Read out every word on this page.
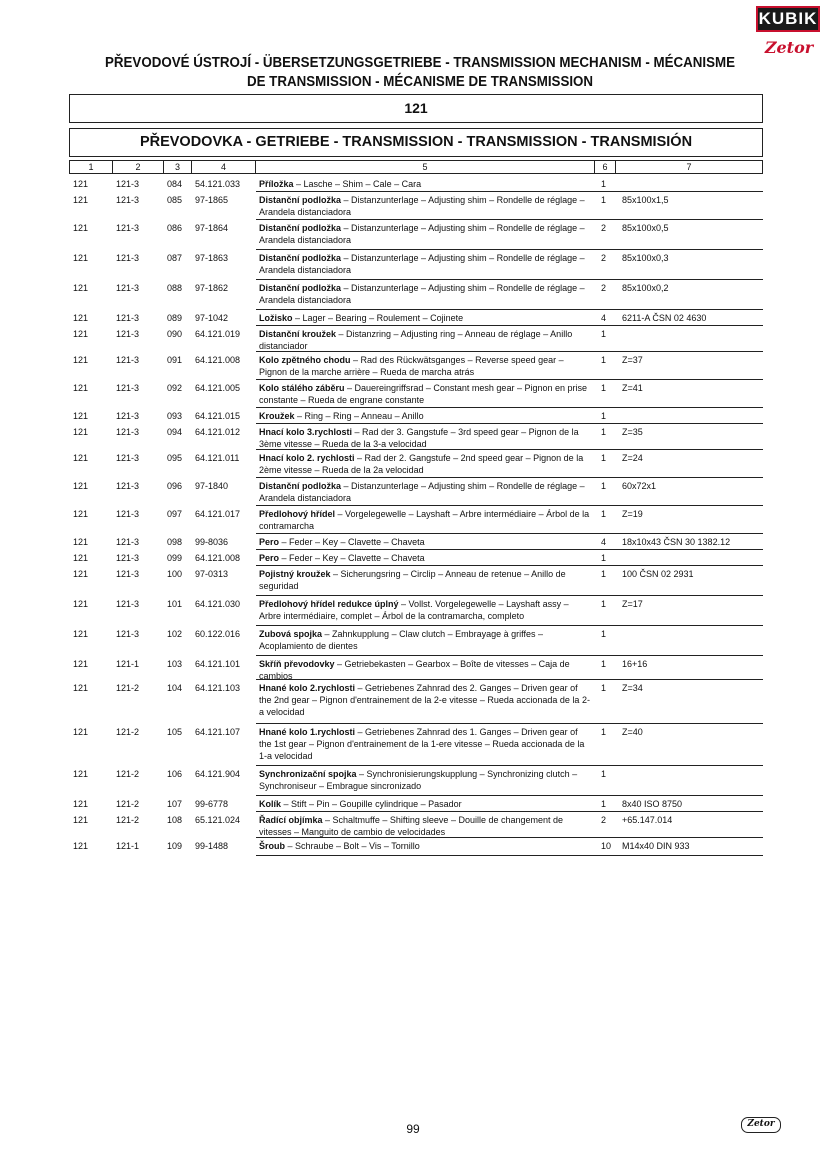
KUBIK
Zetor
PŘEVODOVÉ ÚSTROJÍ - ÜBERSETZUNGSGETRIEBE - TRANSMISSION MECHANISM - MÉCANISME DE TRANSMISSION - MÉCANISME DE TRANSMISSION
121
PŘEVODOVKA - GETRIEBE - TRANSMISSION - TRANSMISSION - TRANSMISIÓN
1	2	3	4	5	6	7
121	121-3	084 54.121.033	1
Příložka – Lasche – Shim – Cale – Cara
121	121-3	085 97-1865	1 85x100x1,5
Distanční podložka – Distanzunterlage – Adjusting shim – Rondelle de réglage – Arandela distanciadora
121	121-3	086 97-1864	2 85x100x0,5
Distanční podložka – Distanzunterlage – Adjusting shim – Rondelle de réglage – Arandela distanciadora
121	121-3	087 97-1863	2 85x100x0,3
Distanční podložka – Distanzunterlage – Adjusting shim – Rondelle de réglage – Arandela distanciadora
121	121-3	088 97-1862	2 85x100x0,2
Distanční podložka – Distanzunterlage – Adjusting shim – Rondelle de réglage – Arandela distanciadora
121	121-3	089 97-1042	4 6211-A ČSN 02 4630
Ložisko – Lager – Bearing – Roulement – Cojinete
121	121-3	090 64.121.019	1
Distanční kroužek – Distanzring – Adjusting ring – Anneau de réglage – Anillo distanciador
121	121-3	091 64.121.008	1 Z=37
Kolo zpětného chodu – Rad des Rückwätsganges – Reverse speed gear – Pignon de la marche arrière – Rueda de marcha atrás
121	121-3	092 64.121.005	1 Z=41
Kolo stálého záběru – Dauereingriffsrad – Constant mesh gear – Pignon en prise constante – Rueda de engrane constante
121	121-3	093 64.121.015	1
Kroužek – Ring – Ring – Anneau – Anillo
121	121-3	094 64.121.012	1 Z=35
Hnací kolo 3.rychlosti – Rad der 3. Gangstufe – 3rd speed gear – Pignon de la 3ème vitesse – Rueda de la 3-a velocidad
121	121-3	095 64.121.011	1 Z=24
Hnací kolo 2. rychlosti – Rad der 2. Gangstufe – 2nd speed gear – Pignon de la 2ème vitesse – Rueda de la 2a velocidad
121	121-3	096 97-1840	1 60x72x1
Distanční podložka – Distanzunterlage – Adjusting shim – Rondelle de réglage – Arandela distanciadora
121	121-3	097 64.121.017	1 Z=19
Předlohový hřídel – Vorgelegewelle – Layshaft – Arbre intermédiaire – Árbol de la contramarcha
121	121-3	098 99-8036	4 18x10x43 ČSN 30 1382.12
Pero – Feder – Key – Clavette – Chaveta
121	121-3	099 64.121.008	1
Pero – Feder – Key – Clavette – Chaveta
121	121-3	100 97-0313	1 100 ČSN 02 2931
Pojistný kroužek – Sicherungsring – Circlip – Anneau de retenue – Anillo de seguridad
121	121-3	101 64.121.030	1 Z=17
Předlohový hřídel redukce úplný – Vollst. Vorgelegewelle – Layshaft assy – Arbre intermédiaire, complet – Árbol de la contramarcha, completo
121	121-3	102 60.122.016	1
Zubová spojka – Zahnkupplung – Claw clutch – Embrayage à griffes – Acoplamiento de dientes
121	121-1	103 64.121.101	1 16+16
Skříň převodovky – Getriebekasten – Gearbox – Boîte de vitesses – Caja de cambios
121	121-2	104 64.121.103	1 Z=34
Hnané kolo 2.rychlosti – Getriebenes Zahnrad des 2. Ganges – Driven gear of the 2nd gear – Pignon d'entrainement de la 2-e vitesse – Rueda accionada de la 2-a velocidad
121	121-2	105 64.121.107	1 Z=40
Hnané kolo 1.rychlosti – Getriebenes Zahnrad des 1. Ganges – Driven gear of the 1st gear – Pignon d'entrainement de la 1-ere vitesse – Rueda accionada de la 1-a velocidad
121	121-2	106 64.121.904	1
Synchronizační spojka – Synchronisierungskupplung – Synchronizing clutch – Synchroniseur – Embrague sincronizado
121	121-2	107 99-6778	1 8x40 ISO 8750
Kolík – Stift – Pin – Goupille cylindrique – Pasador
121	121-2	108 65.121.024	2 +65.147.014
Řadící objímka – Schaltmuffe – Shifting sleeve – Douille de changement de vitesses – Manguito de cambio de velocidades
121	121-1	109 99-1488	10 M14x40 DIN 933
Šroub – Schraube – Bolt – Vis – Tornillo
99	Zetor
